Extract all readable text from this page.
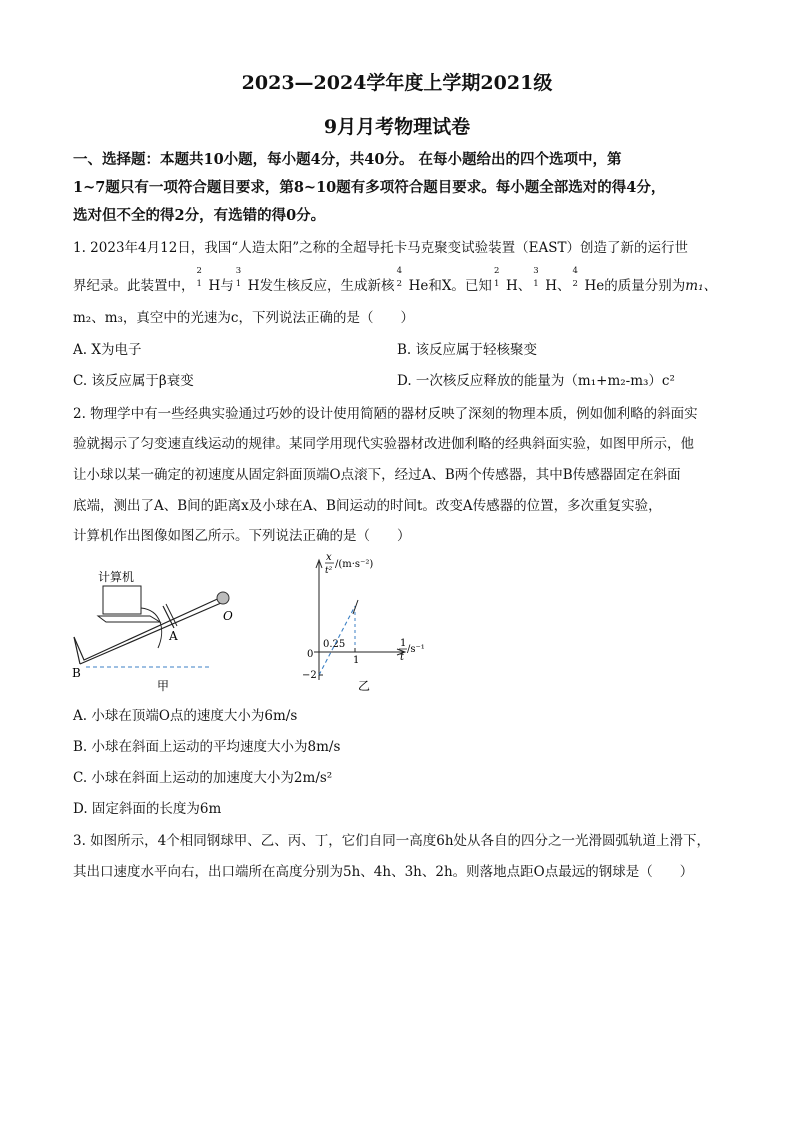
2023—2024学年度上学期2021级
9月月考物理试卷
一、选择题：本题共10小题，每小题4分，共40分。 在每小题给出的四个选项中，第
1~7题只有一项符合题目要求，第8~10题有多项符合题目要求。每小题全部选对的得4分，
选对但不全的得2分，有选错的得0分。
1. 2023年4月12日，我国“人造太阳”之称的全超导托卡马克聚变试验装置（EAST）创造了新的运行世
界纪录。此装置中，
2
1 H与
3
1 H发生核反应，生成新核
4
2 He和X。已知
2
1 H、
3
1 H、
4
2 He的质量分别为m₁、
m₂、m₃，真空中的光速为c，下列说法正确的是（　　）
A. X为电子	B. 该反应属于轻核聚变
C. 该反应属于β衰变	D. 一次核反应释放的能量为（m₁+m₂-m₃）c²
2. 物理学中有一些经典实验通过巧妙的设计使用简陋的器材反映了深刻的物理本质，例如伽利略的斜面实
验就揭示了匀变速直线运动的规律。某同学用现代实验器材改进伽利略的经典斜面实验，如图甲所示，他
让小球以某一确定的初速度从固定斜面顶端O点滚下，经过A、B两个传感器，其中B传感器固定在斜面
底端，测出了A、B间的距离x及小球在A、B间运动的时间t。改变A传感器的位置，多次重复实验，
计算机作出图像如图乙所示。下列说法正确的是（　　）
计算机
A
O
B
甲
x
t²
/(m·s⁻²)
1
t
/s⁻¹
0
0.25
1
−2
乙
A. 小球在顶端O点的速度大小为6m/s
B. 小球在斜面上运动的平均速度大小为8m/s
C. 小球在斜面上运动的加速度大小为2m/s²
D. 固定斜面的长度为6m
3. 如图所示，4个相同钢球甲、乙、丙、丁，它们自同一高度6h处从各自的四分之一光滑圆弧轨道上滑下，
其出口速度水平向右，出口端所在高度分别为5h、4h、3h、2h。则落地点距O点最远的钢球是（　　）
